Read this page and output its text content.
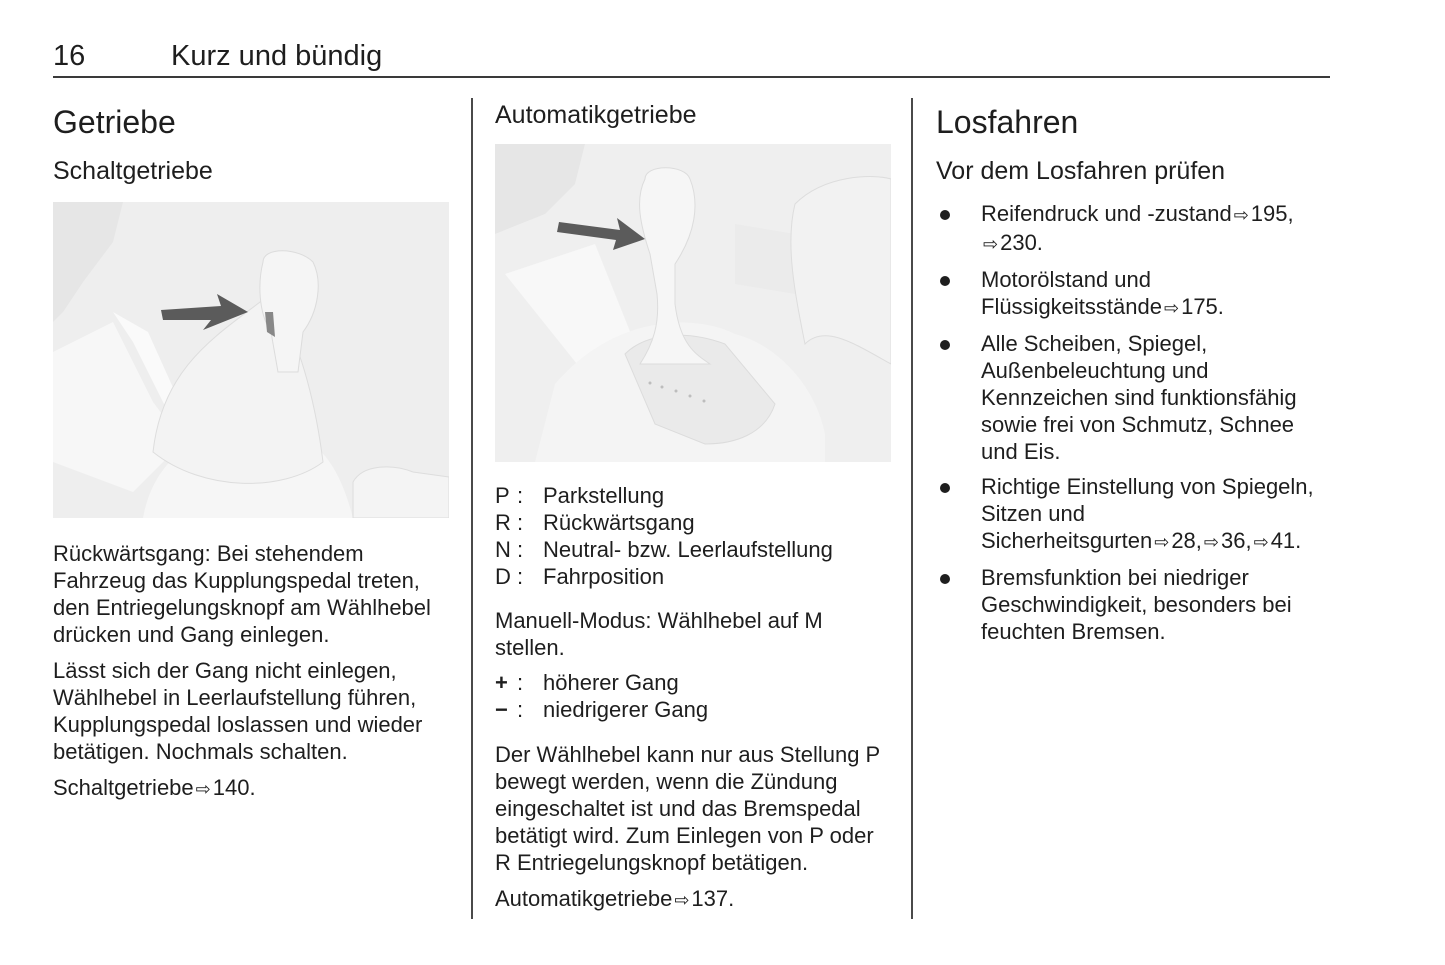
16	Kurz und bündig
Getriebe
Schaltgetriebe

Rückwärtsgang: Bei stehendem Fahrzeug das Kupplungspedal treten, den Entriegelungsknopf am Wählhebel drücken und Gang einlegen.

Lässt sich der Gang nicht einlegen, Wählhebel in Leerlaufstellung führen, Kupplungspedal loslassen und wieder betätigen. Nochmals schalten.

Schaltgetriebe ⇨140.

Automatikgetriebe
P : Parkstellung
R : Rückwärtsgang
N : Neutral- bzw. Leerlaufstellung
D : Fahrposition

Manuell-Modus: Wählhebel auf M stellen.

+ : höherer Gang
− : niedrigerer Gang

Der Wählhebel kann nur aus Stellung P bewegt werden, wenn die Zündung eingeschaltet ist und das Bremspedal betätigt wird. Zum Einlegen von P oder R Entriegelungsknopf betätigen.

Automatikgetriebe ⇨137.

Losfahren
Vor dem Losfahren prüfen
Reifendruck und -zustand ⇨195, ⇨230.
Motorölstand und Flüssigkeitsstände ⇨175.
Alle Scheiben, Spiegel, Außenbeleuchtung und Kennzeichen sind funktionsfähig sowie frei von Schmutz, Schnee und Eis.
Richtige Einstellung von Spiegeln, Sitzen und Sicherheitsgurten ⇨28, ⇨36, ⇨41.
Bremsfunktion bei niedriger Geschwindigkeit, besonders bei feuchten Bremsen.
